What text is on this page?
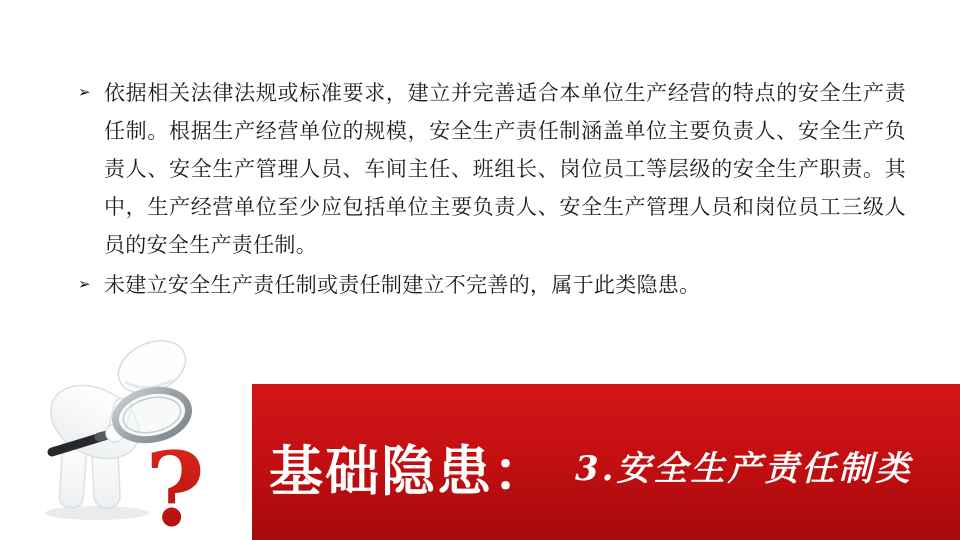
➢ 依据相关法律法规或标准要求，建立并完善适合本单位生产经营的特点的安全生产责任制。根据生产经营单位的规模，安全生产责任制涵盖单位主要负责人、安全生产负责人、安全生产管理人员、车间主任、班组长、岗位员工等层级的安全生产职责。其中，生产经营单位至少应包括单位主要负责人、安全生产管理人员和岗位员工三级人员的安全生产责任制。

➢ 未建立安全生产责任制或责任制建立不完善的，属于此类隐患。

? 基础隐患： 3.安全生产责任制类
